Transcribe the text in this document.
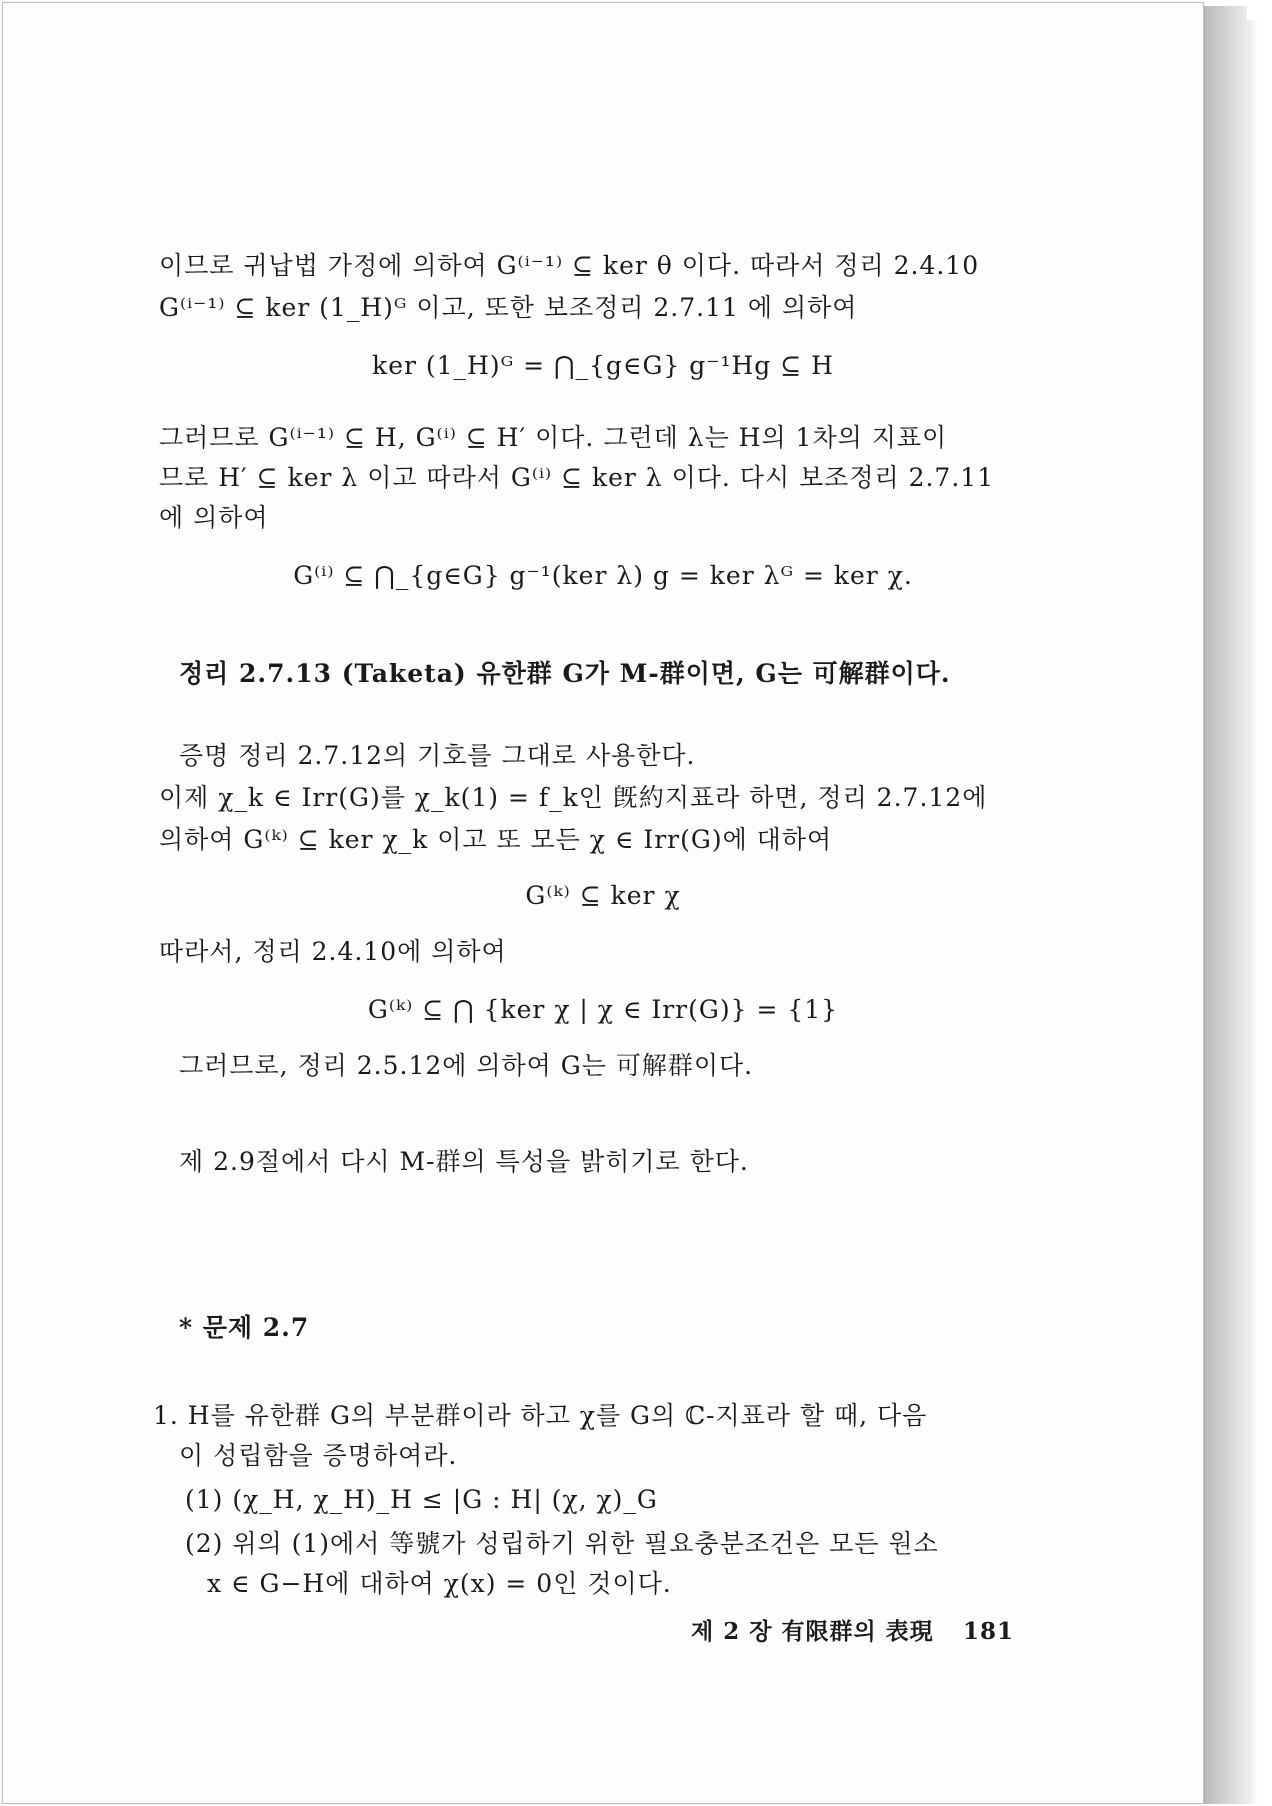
이므로 귀납법 가정에 의하여 G⁽ⁱ⁻¹⁾ ⊆ ker θ 이다. 따라서 정리 2.4.10
G⁽ⁱ⁻¹⁾ ⊆ ker (1_H)ᴳ 이고, 또한 보조정리 2.7.11 에 의하여
ker (1_H)ᴳ = ⋂_{g∈G} g⁻¹Hg ⊆ H
그러므로 G⁽ⁱ⁻¹⁾ ⊆ H, G⁽ⁱ⁾ ⊆ H′ 이다. 그런데 λ는 H의 1차의 지표이
므로 H′ ⊆ ker λ 이고 따라서 G⁽ⁱ⁾ ⊆ ker λ 이다. 다시 보조정리 2.7.11
에 의하여
G⁽ⁱ⁾ ⊆ ⋂_{g∈G} g⁻¹(ker λ) g = ker λᴳ = ker χ.
정리 2.7.13 (Taketa) 유한群 G가 M-群이면, G는 可解群이다.
증명 정리 2.7.12의 기호를 그대로 사용한다.
이제 χ_k ∈ Irr(G)를 χ_k(1) = f_k인 旣約지표라 하면, 정리 2.7.12에
의하여 G⁽ᵏ⁾ ⊆ ker χ_k 이고 또 모든 χ ∈ Irr(G)에 대하여
G⁽ᵏ⁾ ⊆ ker χ
따라서, 정리 2.4.10에 의하여
G⁽ᵏ⁾ ⊆ ⋂ {ker χ | χ ∈ Irr(G)} = {1}
그러므로, 정리 2.5.12에 의하여 G는 可解群이다.
제 2.9절에서 다시 M-群의 특성을 밝히기로 한다.
* 문제 2.7
1. H를 유한群 G의 부분群이라 하고 χ를 G의 ℂ-지표라 할 때, 다음
이 성립함을 증명하여라.
(1) (χ_H, χ_H)_H ≤ |G : H| (χ, χ)_G
(2) 위의 (1)에서 等號가 성립하기 위한 필요충분조건은 모든 원소
x ∈ G−H에 대하여 χ(x) = 0인 것이다.
제 2 장 有限群의 表現 181
